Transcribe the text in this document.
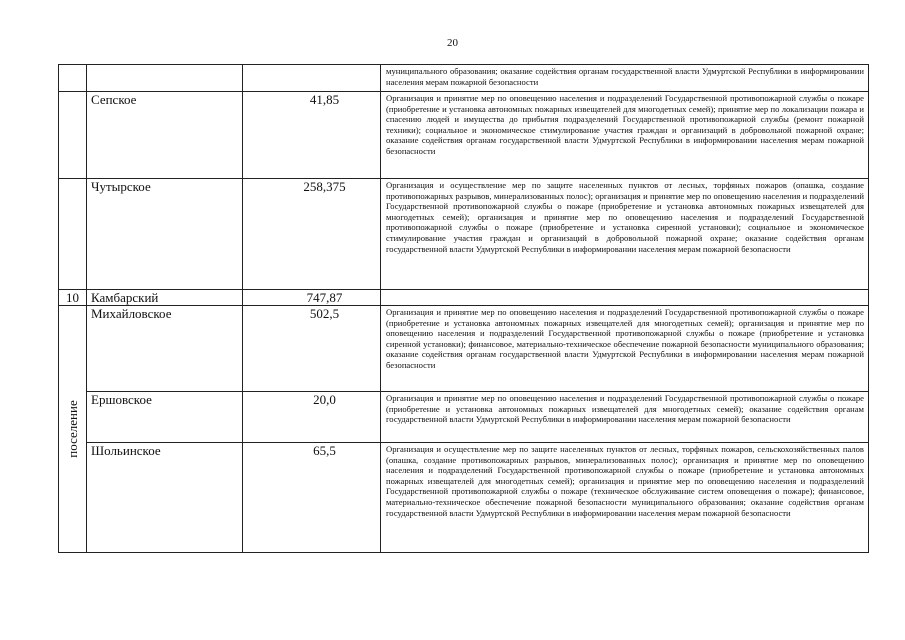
20
			муниципального образования; оказание содействия органам государственной власти Удмуртской Республики в информировании населения мерам пожарной безопасности
	Сепское	41,85	Организация и принятие мер по оповещению населения и подразделений Государственной противопожарной службы о пожаре (приобретение и установка автономных пожарных извещателей для многодетных семей); принятие мер по локализации пожара и спасению людей и имущества до прибытия подразделений Государственной противопожарной службы (ремонт пожарной техники); социальное и экономическое стимулирование участия граждан и организаций в добровольной пожарной охране; оказание содействия органам государственной власти Удмуртской Республики в информировании населения мерам пожарной безопасности
	Чутырское	258,375	Организация и осуществление мер по защите населенных пунктов от лесных, торфяных пожаров (опашка, создание противопожарных разрывов, минерализованных полос); организация и принятие мер по оповещению населения и подразделений Государственной противопожарной службы о пожаре (приобретение и установка автономных пожарных извещателей для многодетных семей); организация и принятие мер по оповещению населения и подразделений Государственной противопожарной службы о пожаре (приобретение и установка сиренной установки); социальное и экономическое стимулирование участия граждан и организаций в добровольной пожарной охране; оказание содействия органам государственной власти Удмуртской Республики в информировании населения мерам пожарной безопасности
10	Камбарский	747,87	

поселение	Михайловское	502,5	Организация и принятие мер по оповещению населения и подразделений Государственной противопожарной службы о пожаре (приобретение и установка автономных пожарных извещателей для многодетных семей); организация и принятие мер по оповещению населения и подразделений Государственной противопожарной службы о пожаре (приобретение и установка сиренной установки); финансовое, материально-техническое обеспечение пожарной безопасности муниципального образования; оказание содействия органам государственной власти Удмуртской Республики в информировании населения мерам пожарной безопасности
	Ершовское	20,0	Организация и принятие мер по оповещению населения и подразделений Государственной противопожарной службы о пожаре (приобретение и установка автономных пожарных извещателей для многодетных семей); оказание содействия органам государственной власти Удмуртской Республики в информировании населения мерам пожарной безопасности
	Шольинское	65,5	Организация и осуществление мер по защите населенных пунктов от лесных, торфяных пожаров, сельскохозяйственных палов (опашка, создание противопожарных разрывов, минерализованных полос); организация и принятие мер по оповещению населения и подразделений Государственной противопожарной службы о пожаре (приобретение и установка автономных пожарных извещателей для многодетных семей); организация и принятие мер по оповещению населения и подразделений Государственной противопожарной службы о пожаре (техническое обслуживание систем оповещения о пожаре); финансовое, материально-техническое обеспечение пожарной безопасности муниципального образования; оказание содействия органам государственной власти Удмуртской Республики в информировании населения мерам пожарной безопасности
